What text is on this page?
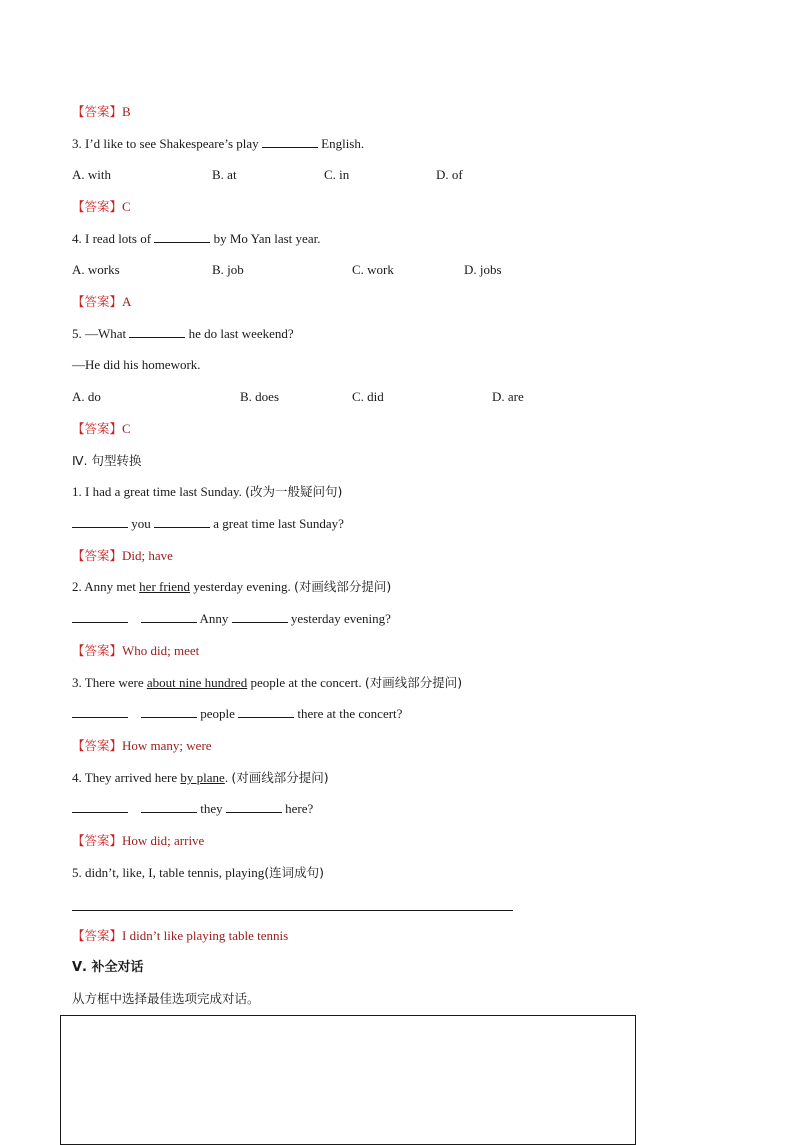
【答案】B
3. I’d like to see Shakespeare’s play	English.
A. with	B. at	C. in	D. of
【答案】C
4. I read lots of	by Mo Yan last year.
A. works	B. job	C. work	D. jobs
【答案】A
5. —What	he do last weekend?
—He did his homework.
A. do	B. does	C. did	D. are
【答案】C
Ⅳ. 句型转换
1. I had a great time last Sunday. (改为一般疑问句)
you	a great time last Sunday?
【答案】Did; have
2. Anny met her friend yesterday evening. (对画线部分提问)
Anny	yesterday evening?
【答案】Who did; meet
3. There were about nine hundred people at the concert. (对画线部分提问)
people	there at the concert?
【答案】How many; were
4. They arrived here by plane. (对画线部分提问)
they	here?
【答案】How did; arrive
5. didn’t, like, I, table tennis, playing(连词成句)
【答案】I didn’t like playing table tennis
Ⅴ. 补全对话
从方框中选择最佳选项完成对话。
